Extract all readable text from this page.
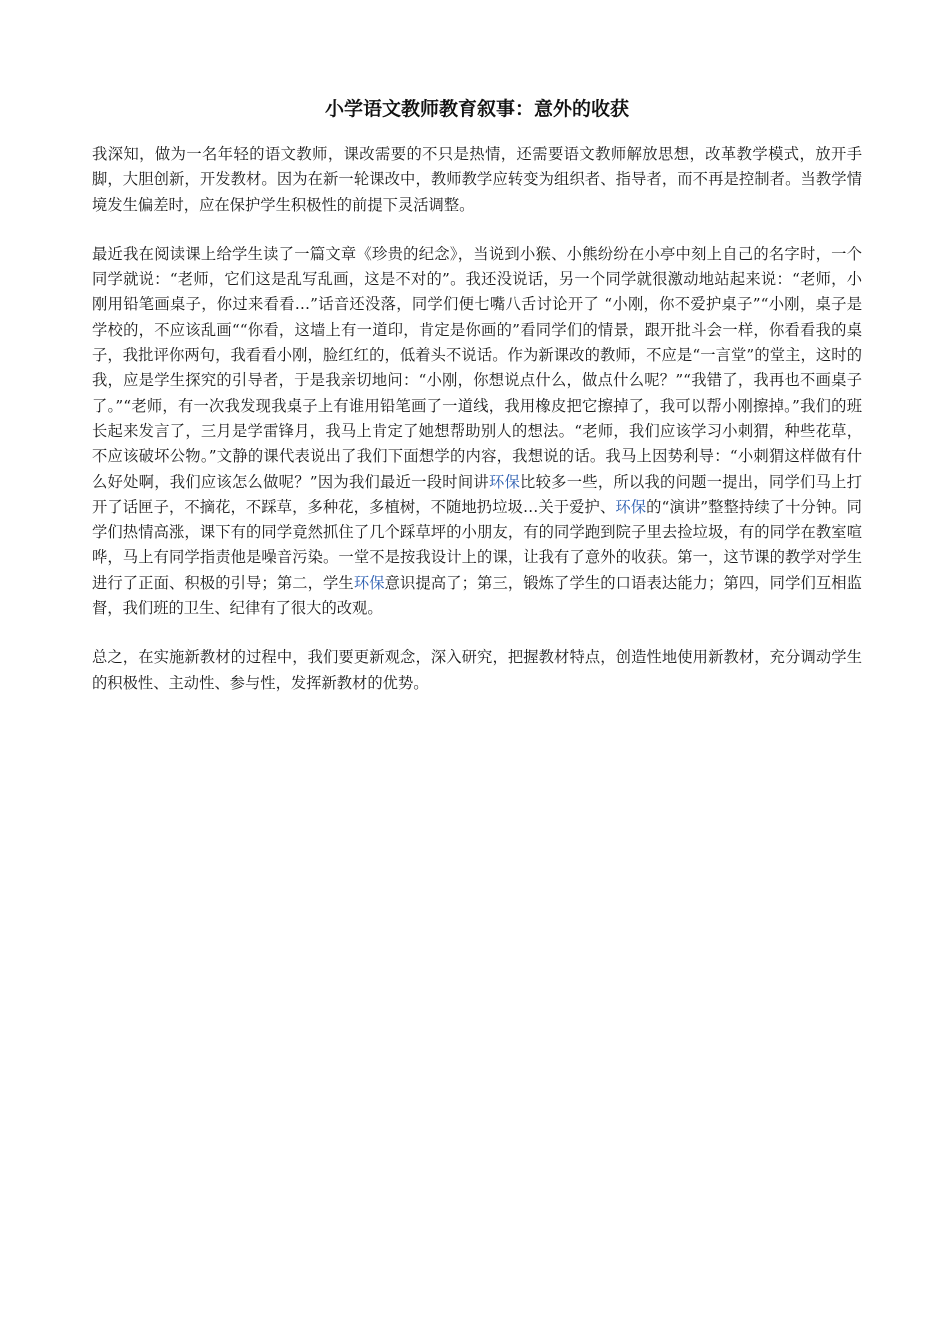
小学语文教师教育叙事：意外的收获

我深知，做为一名年轻的语文教师，课改需要的不只是热情，还需要语文教师解放思想，改革教学模式，放开手脚，大胆创新，开发教材。因为在新一轮课改中，教师教学应转变为组织者、指导者，而不再是控制者。当教学情境发生偏差时，应在保护学生积极性的前提下灵活调整。

最近我在阅读课上给学生读了一篇文章《珍贵的纪念》，当说到小猴、小熊纷纷在小亭中刻上自己的名字时，一个同学就说：“老师，它们这是乱写乱画，这是不对的”。我还没说话，另一个同学就很激动地站起来说：“老师，小刚用铅笔画桌子，你过来看看…”话音还没落，同学们便七嘴八舌讨论开了 “小刚，你不爱护桌子”“小刚，桌子是学校的，不应该乱画““你看，这墙上有一道印，肯定是你画的”看同学们的情景，跟开批斗会一样，你看看我的桌子，我批评你两句，我看看小刚，脸红红的，低着头不说话。作为新课改的教师，不应是“一言堂”的堂主，这时的我，应是学生探究的引导者，于是我亲切地问：“小刚，你想说点什么，做点什么呢？”“我错了，我再也不画桌子了。”“老师，有一次我发现我桌子上有谁用铅笔画了一道线，我用橡皮把它擦掉了，我可以帮小刚擦掉。”我们的班长起来发言了，三月是学雷锋月，我马上肯定了她想帮助别人的想法。“老师，我们应该学习小刺猬，种些花草，不应该破坏公物。”文静的课代表说出了我们下面想学的内容，我想说的话。我马上因势利导：“小刺猬这样做有什么好处啊，我们应该怎么做呢？”因为我们最近一段时间讲环保比较多一些，所以我的问题一提出，同学们马上打开了话匣子，不摘花，不踩草，多种花，多植树，不随地扔垃圾…关于爱护、环保的“演讲”整整持续了十分钟。同学们热情高涨，课下有的同学竟然抓住了几个踩草坪的小朋友，有的同学跑到院子里去捡垃圾，有的同学在教室喧哗，马上有同学指责他是噪音污染。一堂不是按我设计上的课，让我有了意外的收获。第一，这节课的教学对学生进行了正面、积极的引导；第二，学生环保意识提高了；第三，锻炼了学生的口语表达能力；第四，同学们互相监督，我们班的卫生、纪律有了很大的改观。

总之，在实施新教材的过程中，我们要更新观念，深入研究，把握教材特点，创造性地使用新教材，充分调动学生的积极性、主动性、参与性，发挥新教材的优势。
